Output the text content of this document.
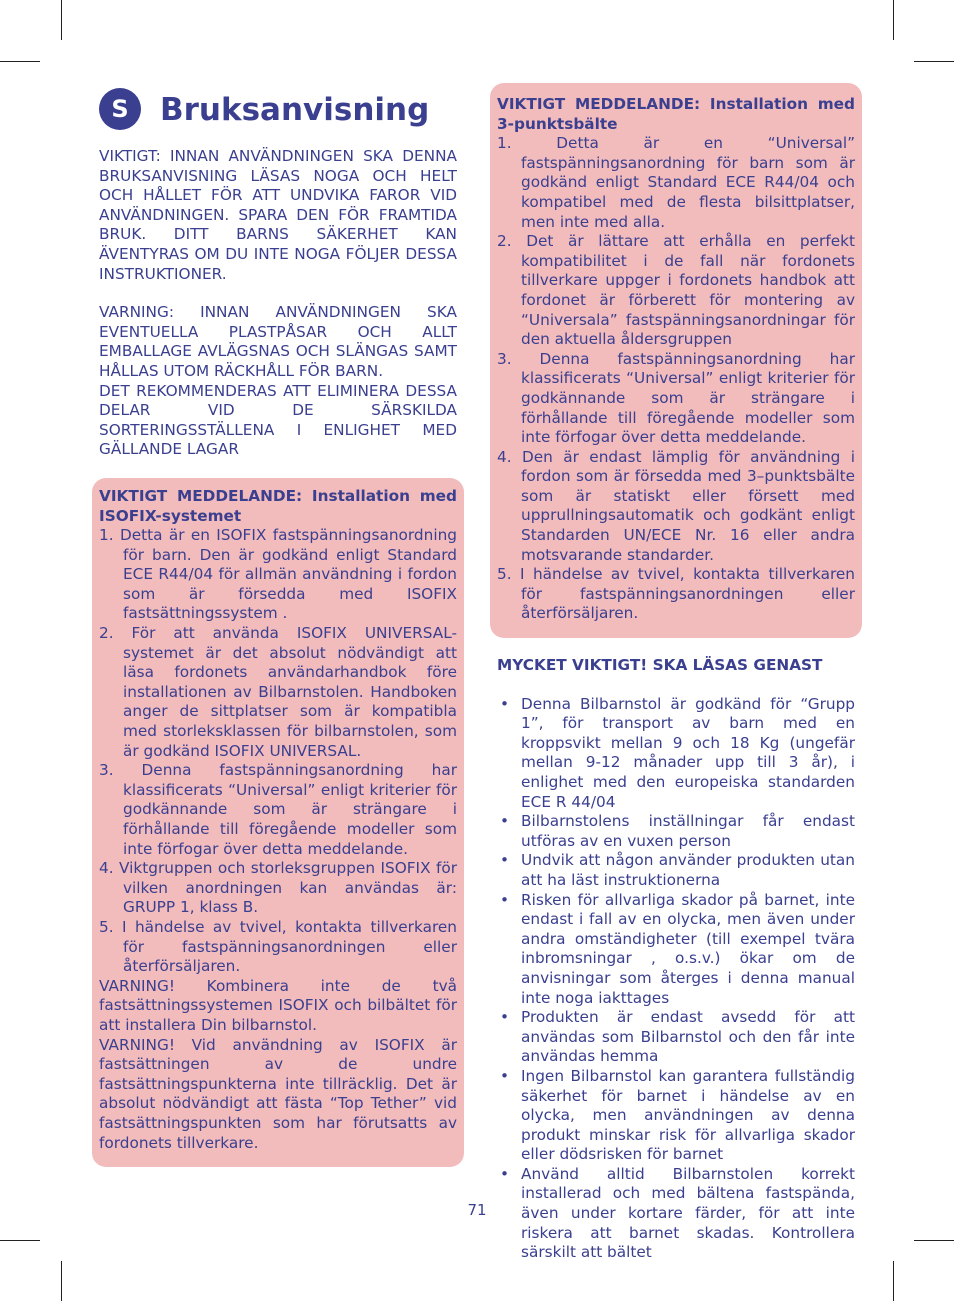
S	Bruksanvisning

VIKTIGT: INNAN ANVÄNDNINGEN SKA DENNA BRUKSANVISNING LÄSAS NOGA OCH HELT OCH HÅLLET FÖR ATT UNDVIKA FAROR VID ANVÄNDNINGEN. SPARA DEN FÖR FRAMTIDA BRUK. DITT BARNS SÄKERHET KAN ÄVENTYRAS OM DU INTE NOGA FÖLJER DESSA INSTRUKTIONER.

VARNING: INNAN ANVÄNDNINGEN SKA EVENTUELLA PLASTPÅSAR OCH ALLT EMBALLAGE AVLÄGSNAS OCH SLÄNGAS SAMT HÅLLAS UTOM RÄCKHÅLL FÖR BARN.

DET REKOMMENDERAS ATT ELIMINERA DESSA DELAR VID DE SÄRSKILDA SORTERINGSSTÄLLENA I ENLIGHET MED GÄLLANDE LAGAR

VIKTIGT MEDDELANDE: Installation med ISOFIX-systemet
1. Detta är en ISOFIX fastspänningsanordning för barn. Den är godkänd enligt Standard ECE R44/04 för allmän användning i fordon som är försedda med ISOFIX fastsättningssystem .
2. För att använda ISOFIX UNIVERSAL-systemet är det absolut nödvändigt att läsa fordonets användarhandbok före installationen av Bilbarnstolen. Handboken anger de sittplatser som är kompatibla med storleksklassen för bilbarnstolen, som är godkänd ISOFIX UNIVERSAL.
3. Denna fastspänningsanordning har klassificerats “Universal” enligt kriterier för godkännande som är strängare i förhållande till föregående modeller som inte förfogar över detta meddelande.
4. Viktgruppen och storleksgruppen ISOFIX för vilken anordningen kan användas är: GRUPP 1, klass B.
5. I händelse av tvivel, kontakta tillverkaren för fastspänningsanordningen eller återförsäljaren.

VARNING! Kombinera inte de två fastsättningssystemen ISOFIX och bilbältet för att installera Din bilbarnstol.

VARNING! Vid användning av ISOFIX är fastsättningen av de undre fastsättningspunkterna inte tillräcklig. Det är absolut nödvändigt att fästa “Top Tether” vid fastsättningspunkten som har förutsatts av fordonets tillverkare.

VIKTIGT MEDDELANDE: Installation med 3-punktsbälte
1. Detta är en “Universal” fastspänningsanordning för barn som är godkänd enligt Standard ECE R44/04 och kompatibel med de flesta bilsittplatser, men inte med alla.
2. Det är lättare att erhålla en perfekt kompatibilitet i de fall när fordonets tillverkare uppger i fordonets handbok att fordonet är förberett för montering av “Universala” fastspänningsanordningar för den aktuella åldersgruppen
3. Denna fastspänningsanordning har klassificerats “Universal” enligt kriterier för godkännande som är strängare i förhållande till föregående modeller som inte förfogar över detta meddelande.
4. Den är endast lämplig för användning i fordon som är försedda med 3–punktsbälte som är statiskt eller försett med upprullningsautomatik och godkänt enligt Standarden UN/ECE Nr. 16 eller andra motsvarande standarder.
5. I händelse av tvivel, kontakta tillverkaren för fastspänningsanordningen eller återförsäljaren.
MYCKET VIKTIGT! SKA LÄSAS GENAST
• Denna Bilbarnstol är godkänd för “Grupp 1”, för transport av barn med en kroppsvikt mellan 9 och 18 Kg (ungefär mellan 9-12 månader upp till 3 år), i enlighet med den europeiska standarden ECE R 44/04
• Bilbarnstolens inställningar får endast utföras av en vuxen person
• Undvik att någon använder produkten utan att ha läst instruktionerna
• Risken för allvarliga skador på barnet, inte endast i fall av en olycka, men även under andra omständigheter (till exempel tvära inbromsningar , o.s.v.) ökar om de anvisningar som återges i denna manual inte noga iakttages
• Produkten är endast avsedd för att användas som Bilbarnstol och den får inte användas hemma
• Ingen Bilbarnstol kan garantera fullständig säkerhet för barnet i händelse av en olycka, men användningen av denna produkt minskar risk för allvarliga skador eller dödsrisken för barnet
• Använd alltid Bilbarnstolen korrekt installerad och med bältena fastspända, även under kortare färder, för att inte riskera att barnet skadas. Kontrollera särskilt att bältet
71
